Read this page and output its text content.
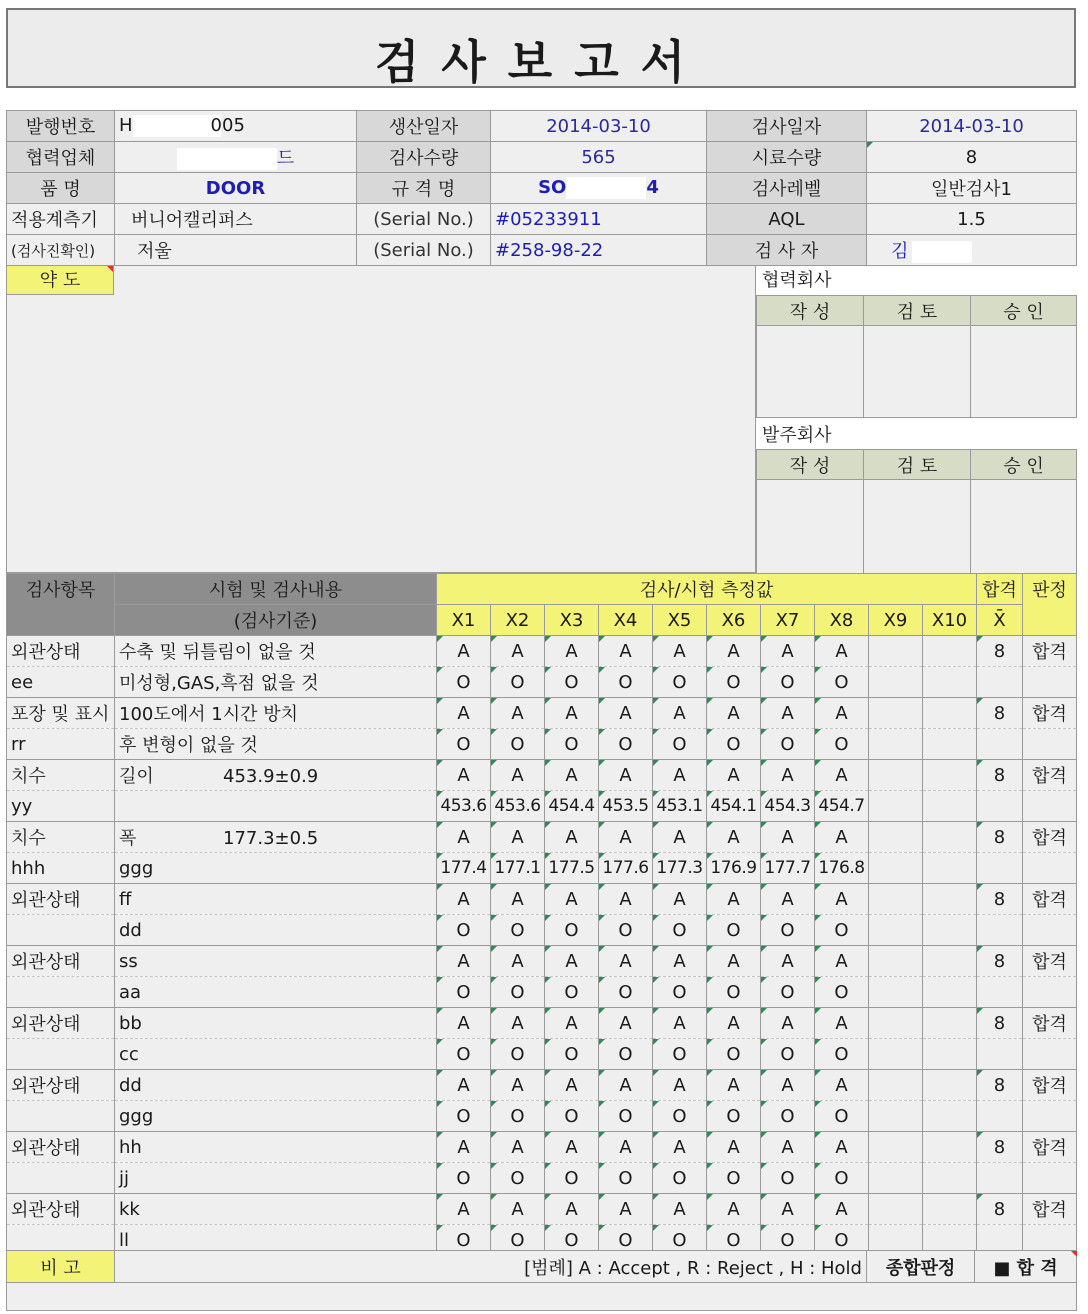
검사보고서
발행번호	H 005	생산일자	2014-03-10	검사일자	2014-03-10
협력업체	드	검사수량	565	시료수량	8
품 명	DOOR	규 격 명	SO 4	검사레벨	일반검사1
적용계측기	버니어캘리퍼스	(Serial No.)	#05233911	AQL	1.5
(검사진확인)	저울	(Serial No.)	#258-98-22	검 사 자	김
약 도	협력회사
작 성	검 토	승 인

발주회사
작 성	검 토	승 인

검사항목	시험 및 검사내용	검사/시험 측정값										합격	판정
	(검사기준)	X1	X2	X3	X4	X5	X6	X7	X8	X9	X10	X̄	
외관상태	수축 및 뒤틀림이 없을 것	A	A	A	A	A	A	A	A			8	합격
ee	미성형,GAS,흑점 없을 것	O	O	O	O	O	O	O	O				
포장 및 표시	100도에서 1시간 방치	A	A	A	A	A	A	A	A			8	합격
rr	후 변형이 없을 것	O	O	O	O	O	O	O	O				
치수	길이 453.9±0.9	A	A	A	A	A	A	A	A			8	합격
yy		453.6	453.6	454.4	453.5	453.1	454.1	454.3	454.7				
치수	폭 177.3±0.5	A	A	A	A	A	A	A	A			8	합격
hhh	ggg	177.4	177.1	177.5	177.6	177.3	176.9	177.7	176.8				
외관상태	ff	A	A	A	A	A	A	A	A			8	합격
	dd	O	O	O	O	O	O	O	O				
외관상태	ss	A	A	A	A	A	A	A	A			8	합격
	aa	O	O	O	O	O	O	O	O				
외관상태	bb	A	A	A	A	A	A	A	A			8	합격
	cc	O	O	O	O	O	O	O	O				
외관상태	dd	A	A	A	A	A	A	A	A			8	합격
	ggg	O	O	O	O	O	O	O	O				
외관상태	hh	A	A	A	A	A	A	A	A			8	합격
	jj	O	O	O	O	O	O	O	O				
외관상태	kk	A	A	A	A	A	A	A	A			8	합격
	ll	O	O	O	O	O	O	O	O				
비 고	[범례] A : Accept , R : Reject , H : Hold	종합판정	■ 합 격
